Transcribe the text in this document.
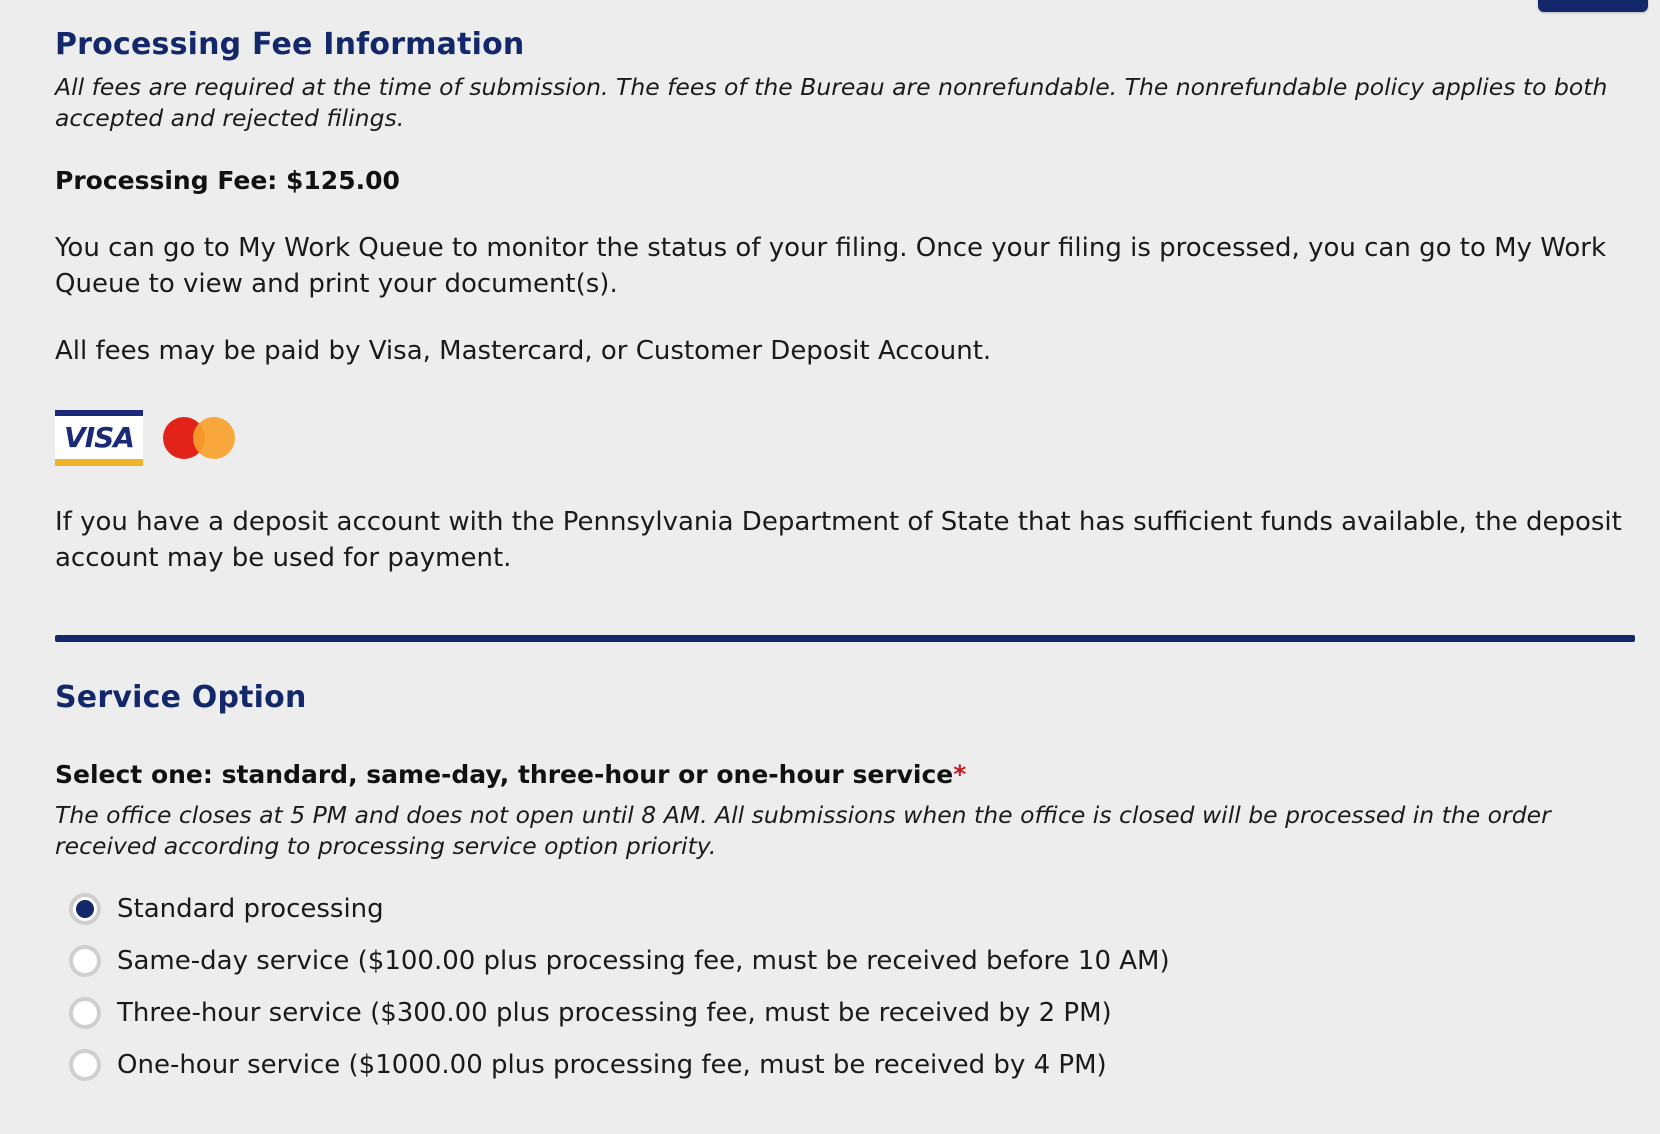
Processing Fee Information
All fees are required at the time of submission. The fees of the Bureau are nonrefundable. The nonrefundable policy applies to both accepted and rejected filings.
Processing Fee: $125.00
You can go to My Work Queue to monitor the status of your filing. Once your filing is processed, you can go to My Work Queue to view and print your document(s).
All fees may be paid by Visa, Mastercard, or Customer Deposit Account.
VISA
If you have a deposit account with the Pennsylvania Department of State that has sufficient funds available, the deposit account may be used for payment.
Service Option
Select one: standard, same-day, three-hour or one-hour service*
The office closes at 5 PM and does not open until 8 AM. All submissions when the office is closed will be processed in the order received according to processing service option priority.
Standard processing
Same-day service ($100.00 plus processing fee, must be received before 10 AM)
Three-hour service ($300.00 plus processing fee, must be received by 2 PM)
One-hour service ($1000.00 plus processing fee, must be received by 4 PM)
